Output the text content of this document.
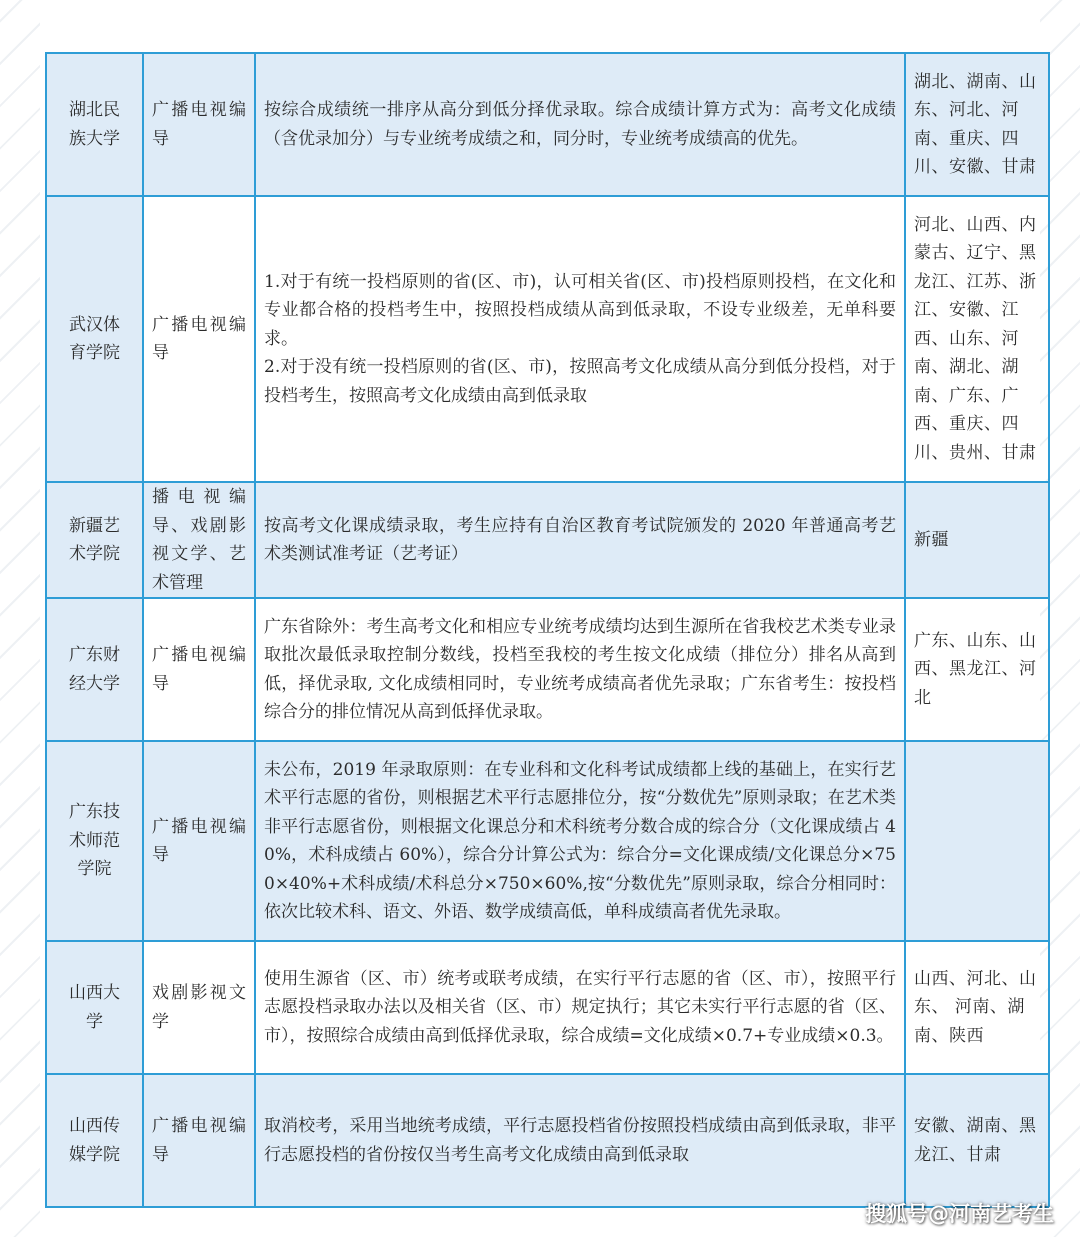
湖北民族大学	广播电视编导	按综合成绩统一排序从高分到低分择优录取。综合成绩计算方式为：高考文化成绩（含优录加分）与专业统考成绩之和，同分时，专业统考成绩高的优先。	湖北、湖南、山东、河北、河南、重庆、四川、安徽、甘肃
武汉体育学院	广播电视编导	1.对于有统一投档原则的省(区、市)，认可相关省(区、市)投档原则投档，在文化和专业都合格的投档考生中，按照投档成绩从高到低录取，不设专业级差，无单科要求。
2.对于没有统一投档原则的省(区、市)，按照高考文化成绩从高分到低分投档，对于投档考生，按照高考文化成绩由高到低录取	河北、山西、内蒙古、辽宁、黑龙江、江苏、浙江、安徽、江西、山东、河南、湖北、湖南、广东、广西、重庆、四川、贵州、甘肃
新疆艺术学院	播电视编导、戏剧影视文学、艺术管理	按高考文化课成绩录取，考生应持有自治区教育考试院颁发的 2020 年普通高考艺术类测试准考证（艺考证）	新疆
广东财经大学	广播电视编导	广东省除外：考生高考文化和相应专业统考成绩均达到生源所在省我校艺术类专业录取批次最低录取控制分数线，投档至我校的考生按文化成绩（排位分）排名从高到低，择优录取, 文化成绩相同时，专业统考成绩高者优先录取；广东省考生：按投档综合分的排位情况从高到低择优录取。	广东、山东、山西、黑龙江、河北
广东技术师范学院	广播电视编导	未公布，2019 年录取原则：在专业科和文化科考试成绩都上线的基础上，在实行艺术平行志愿的省份，则根据艺术平行志愿排位分，按“分数优先”原则录取；在艺术类非平行志愿省份，则根据文化课总分和术科统考分数合成的综合分（文化课成绩占 40%，术科成绩占 60%），综合分计算公式为：综合分=文化课成绩/文化课总分×750×40%+术科成绩/术科总分×750×60%,按“分数优先”原则录取，综合分相同时：依次比较术科、语文、外语、数学成绩高低，单科成绩高者优先录取。	
山西大学	戏剧影视文学	使用生源省（区、市）统考或联考成绩，在实行平行志愿的省（区、市），按照平行志愿投档录取办法以及相关省（区、市）规定执行；其它未实行平行志愿的省（区、市），按照综合成绩由高到低择优录取，综合成绩=文化成绩×0.7+专业成绩×0.3。	山西、河北、山东、 河南、湖南、陕西
山西传媒学院	广播电视编导	取消校考，采用当地统考成绩，平行志愿投档省份按照投档成绩由高到低录取，非平行志愿投档的省份按仅当考生高考文化成绩由高到低录取	安徽、湖南、黑龙江、甘肃
搜狐号@河南艺考生
